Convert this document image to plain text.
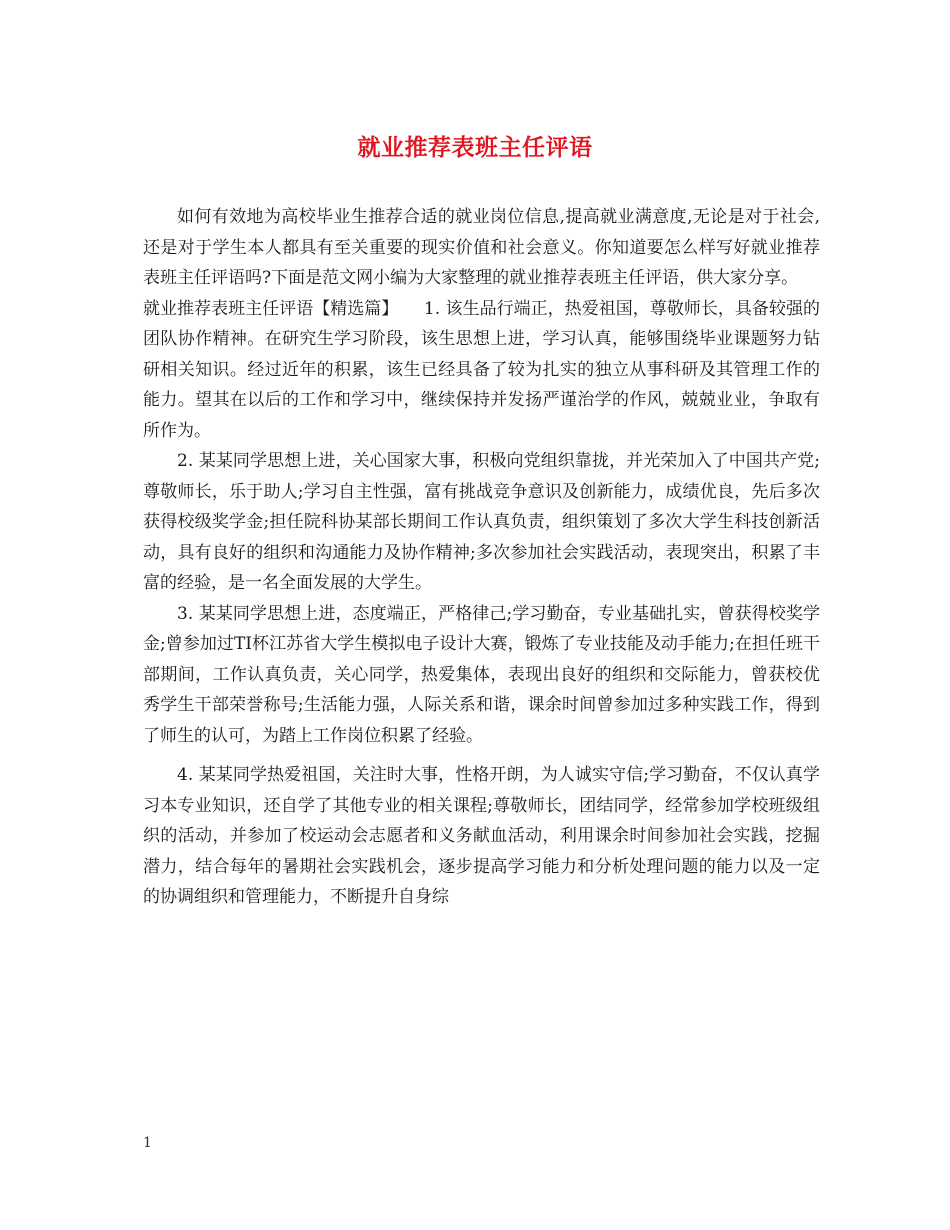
就业推荐表班主任评语

如何有效地为高校毕业生推荐合适的就业岗位信息,提高就业满意度,无论是对于社会,还是对于学生本人都具有至关重要的现实价值和社会意义。你知道要怎么样写好就业推荐表班主任评语吗?下面是范文网小编为大家整理的就业推荐表班主任评语，供大家分享。

就业推荐表班主任评语【精选篇】　　1. 该生品行端正，热爱祖国，尊敬师长，具备较强的团队协作精神。在研究生学习阶段，该生思想上进，学习认真，能够围绕毕业课题努力钻研相关知识。经过近年的积累，该生已经具备了较为扎实的独立从事科研及其管理工作的能力。望其在以后的工作和学习中，继续保持并发扬严谨治学的作风，兢兢业业，争取有所作为。

2. 某某同学思想上进，关心国家大事，积极向党组织靠拢，并光荣加入了中国共产党;尊敬师长，乐于助人;学习自主性强，富有挑战竞争意识及创新能力，成绩优良，先后多次获得校级奖学金;担任院科协某部长期间工作认真负责，组织策划了多次大学生科技创新活动，具有良好的组织和沟通能力及协作精神;多次参加社会实践活动，表现突出，积累了丰富的经验，是一名全面发展的大学生。

3. 某某同学思想上进，态度端正，严格律己;学习勤奋，专业基础扎实，曾获得校奖学金;曾参加过TI杯江苏省大学生模拟电子设计大赛，锻炼了专业技能及动手能力;在担任班干部期间，工作认真负责，关心同学，热爱集体，表现出良好的组织和交际能力，曾获校优秀学生干部荣誉称号;生活能力强，人际关系和谐，课余时间曾参加过多种实践工作，得到了师生的认可，为踏上工作岗位积累了经验。

4. 某某同学热爱祖国，关注时大事，性格开朗，为人诚实守信;学习勤奋，不仅认真学习本专业知识，还自学了其他专业的相关课程;尊敬师长，团结同学，经常参加学校班级组织的活动，并参加了校运动会志愿者和义务献血活动，利用课余时间参加社会实践，挖掘潜力，结合每年的暑期社会实践机会，逐步提高学习能力和分析处理问题的能力以及一定的协调组织和管理能力，不断提升自身综

1
